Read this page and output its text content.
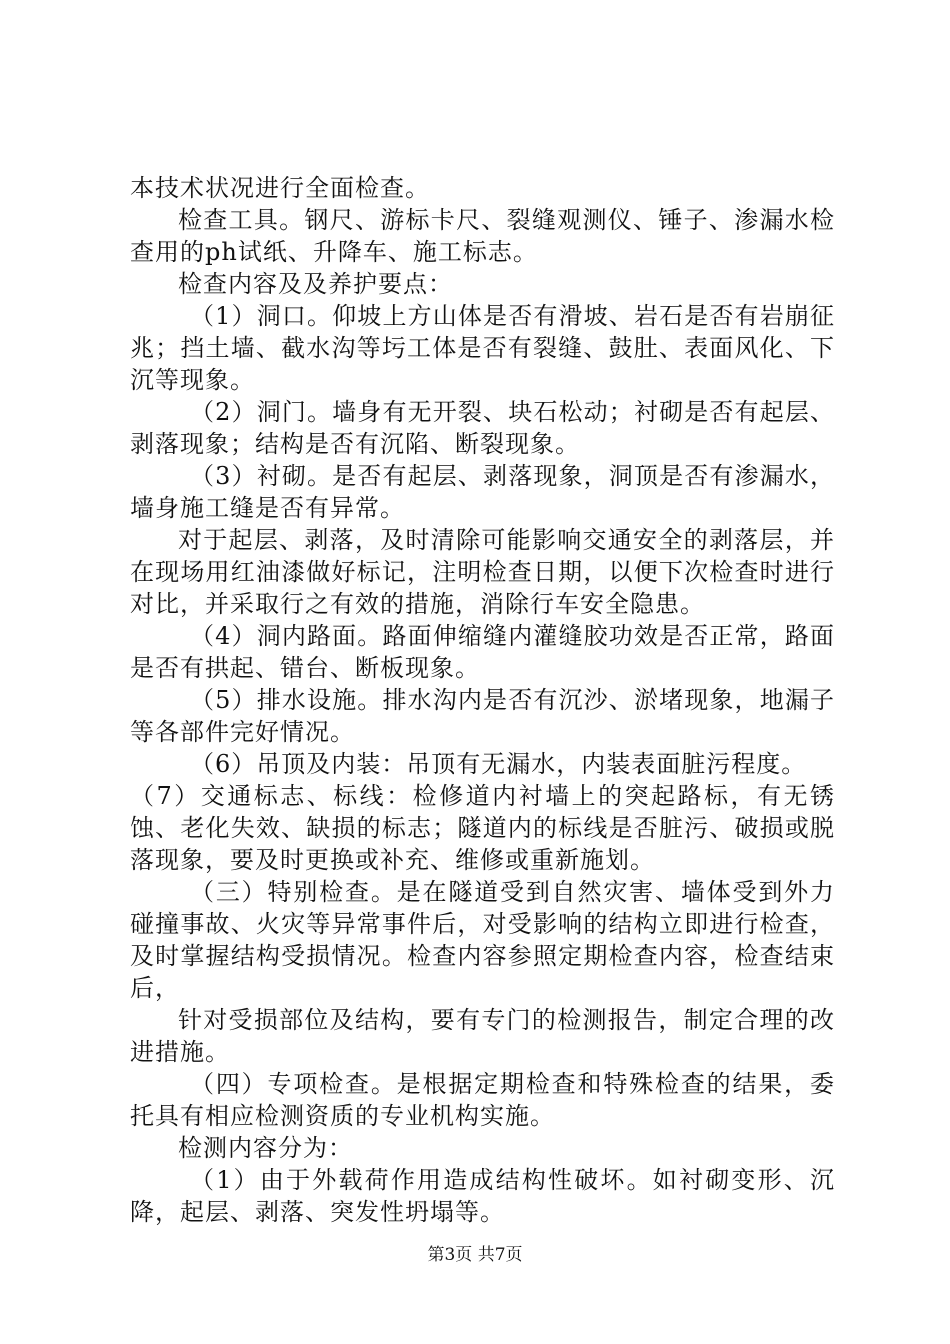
本技术状况进行全面检查。

检查工具。钢尺、游标卡尺、裂缝观测仪、锤子、渗漏水检查用的ph试纸、升降车、施工标志。

检查内容及及养护要点：

（1）洞口。仰坡上方山体是否有滑坡、岩石是否有岩崩征兆；挡土墙、截水沟等圬工体是否有裂缝、鼓肚、表面风化、下沉等现象。

（2）洞门。墙身有无开裂、块石松动；衬砌是否有起层、剥落现象；结构是否有沉陷、断裂现象。

（3）衬砌。是否有起层、剥落现象，洞顶是否有渗漏水，墙身施工缝是否有异常。

对于起层、剥落，及时清除可能影响交通安全的剥落层，并在现场用红油漆做好标记，注明检查日期，以便下次检查时进行对比，并采取行之有效的措施，消除行车安全隐患。

（4）洞内路面。路面伸缩缝内灌缝胶功效是否正常，路面是否有拱起、错台、断板现象。

（5）排水设施。排水沟内是否有沉沙、淤堵现象，地漏子等各部件完好情况。

（6）吊顶及内装：吊顶有无漏水，内装表面脏污程度。

（7）交通标志、标线：检修道内衬墙上的突起路标，有无锈蚀、老化失效、缺损的标志；隧道内的标线是否脏污、破损或脱落现象，要及时更换或补充、维修或重新施划。

（三）特别检查。是在隧道受到自然灾害、墙体受到外力碰撞事故、火灾等异常事件后，对受影响的结构立即进行检查，及时掌握结构受损情况。检查内容参照定期检查内容，检查结束后，

针对受损部位及结构，要有专门的检测报告，制定合理的改进措施。

（四）专项检查。是根据定期检查和特殊检查的结果，委托具有相应检测资质的专业机构实施。

检测内容分为：

（1）由于外载荷作用造成结构性破坏。如衬砌变形、沉降，起层、剥落、突发性坍塌等。

第3页 共7页
